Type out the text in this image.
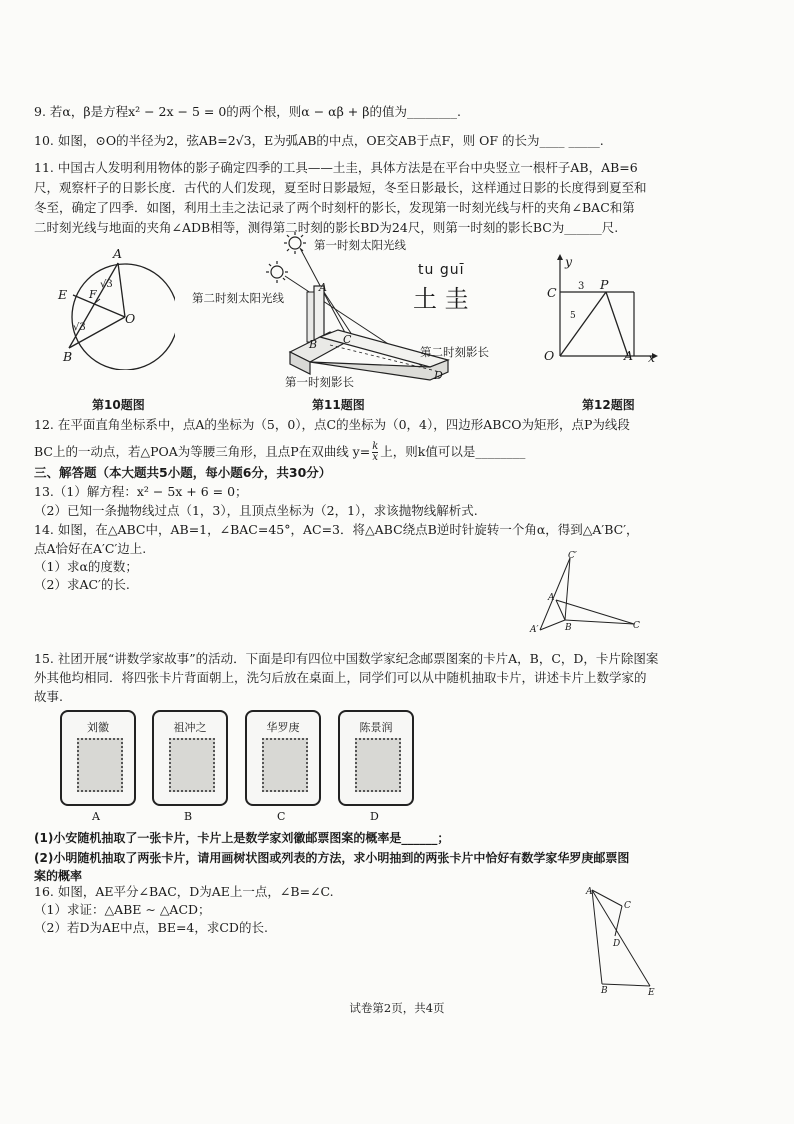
9. 若α，β是方程x² − 2x − 5 = 0的两个根，则α − αβ + β的值为________.
10. 如图，⊙O的半径为2，弦AB=2√3，E为弧AB的中点，OE交AB于点F，则 OF 的长为____ _____.
11. 中国古人发明利用物体的影子确定四季的工具——土圭，具体方法是在平台中央竖立一根杆子AB，AB=6
尺，观察杆子的日影长度．古代的人们发现，夏至时日影最短，冬至日影最长，这样通过日影的长度得到夏至和
冬至，确定了四季．如图，利用土圭之法记录了两个时刻杆的影长，发现第一时刻光线与杆的夹角∠BAC和第
二时刻光线与地面的夹角∠ADB相等，测得第二时刻的影长BD为24尺，则第一时刻的影长BC为______尺.
A
E F
√3
√3
O
B
第10题图
第一时刻太阳光线
第二时刻太阳光线
A
B C
D
第一时刻影长
第二时刻影长
tu guī
土 圭
第11题图
y
x
C
O
P
A
3
5
第12题图
12. 在平面直角坐标系中，点A的坐标为（5，0），点C的坐标为（0，4），四边形ABCO为矩形，点P为线段
BC上的一动点，若△POA为等腰三角形，且点P在双曲线 $y= \frac{k}{x}$ 上，则k值可以是________
三、解答题（本大题共5小题，每小题6分，共30分）
13.（1）解方程：x² − 5x + 6 = 0；
（2）已知一条抛物线过点（1，3），且顶点坐标为（2，1），求该抛物线解析式.
14. 如图，在△ABC中，AB=1，∠BAC=45°，AC=3．将△ABC绕点B逆时针旋转一个角α，得到△A′BC′，
点A恰好在A′C′边上.
（1）求α的度数；
（2）求AC′的长.
C′
A′
A
B	C
15. 社团开展“讲数学家故事”的活动．下面是印有四位中国数学家纪念邮票图案的卡片A，B，C，D，卡片除图案
外其他均相同．将四张卡片背面朝上，洗匀后放在桌面上，同学们可以从中随机抽取卡片，讲述卡片上数学家的
故事.
刘徽
A
祖冲之
B
华罗庚
C
陈景润
D
(1)小安随机抽取了一张卡片，卡片上是数学家刘徽邮票图案的概率是______；
(2)小明随机抽取了两张卡片，请用画树状图或列表的方法，求小明抽到的两张卡片中恰好有数学家华罗庚邮票图
案的概率
16. 如图，AE平分∠BAC，D为AE上一点，∠B=∠C.
（1）求证：△ABE ∼ △ACD；
（2）若D为AE中点，BE=4，求CD的长.
A
C
D
B	E
试卷第2页，共4页
